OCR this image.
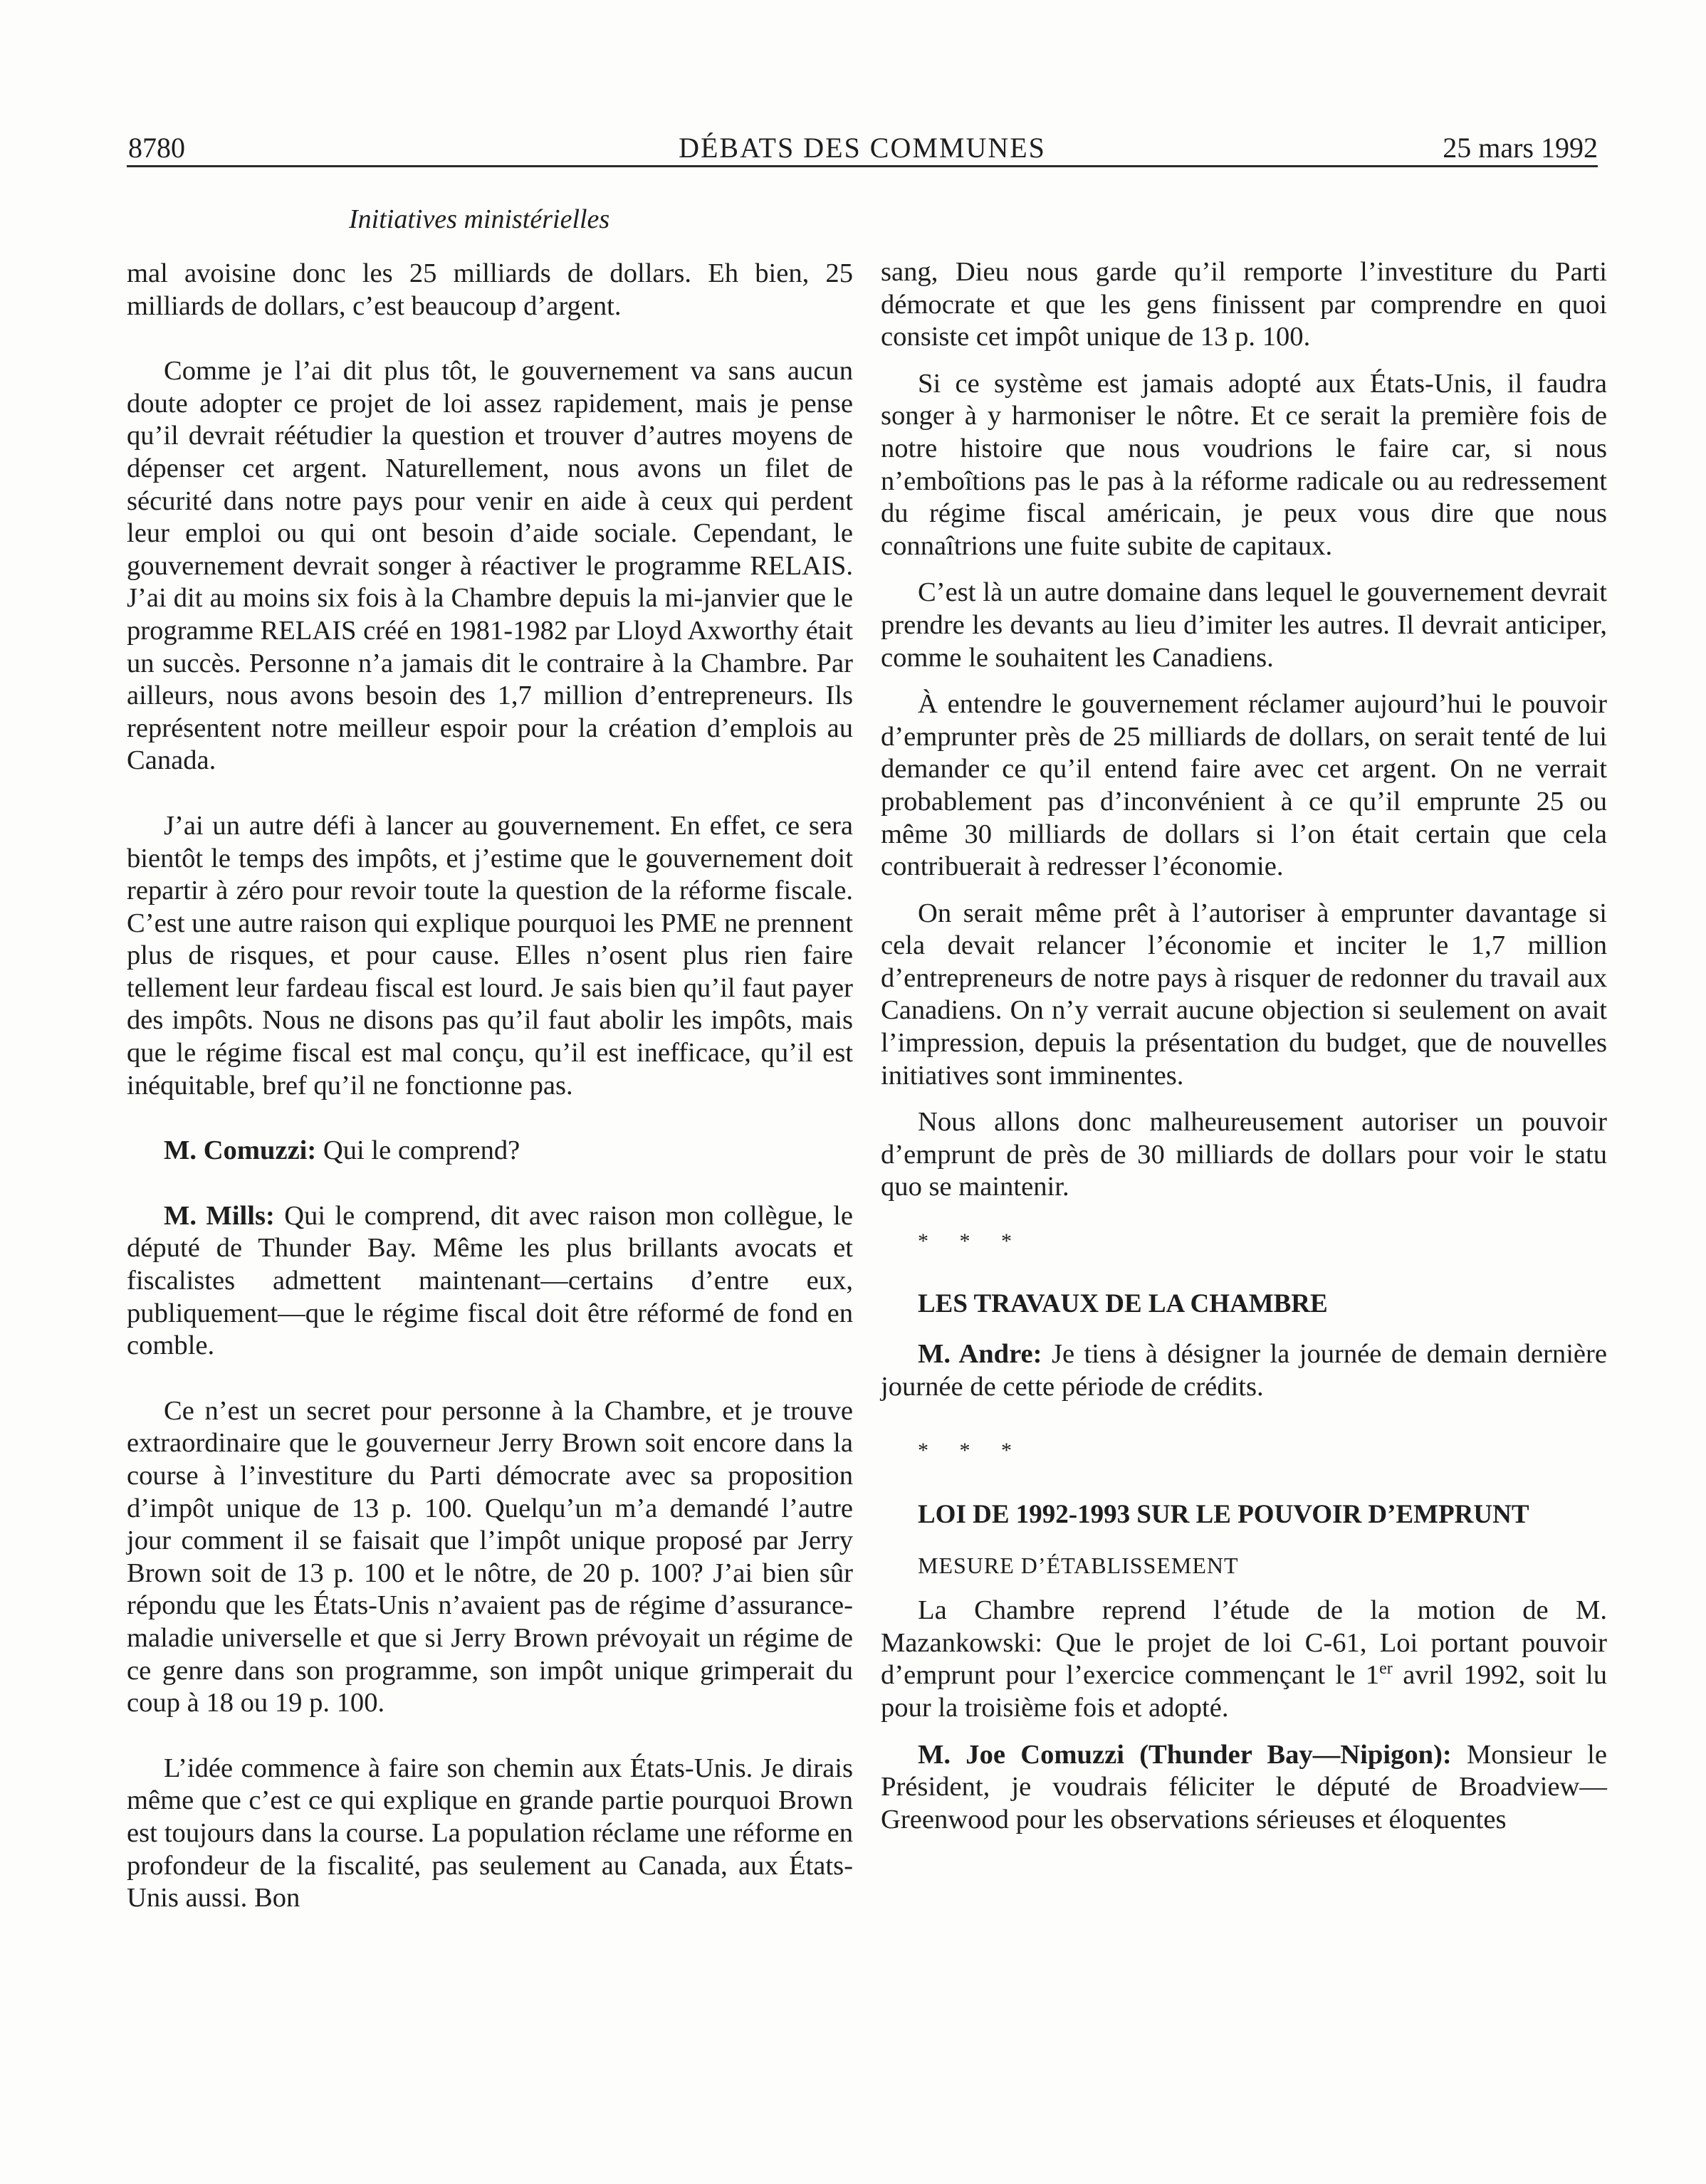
8780	DÉBATS DES COMMUNES	25 mars 1992
Initiatives ministérielles

mal avoisine donc les 25 milliards de dollars. Eh bien, 25 milliards de dollars, c’est beaucoup d’argent.

Comme je l’ai dit plus tôt, le gouvernement va sans aucun doute adopter ce projet de loi assez rapidement, mais je pense qu’il devrait réétudier la question et trouver d’autres moyens de dépenser cet argent. Naturellement, nous avons un filet de sécurité dans notre pays pour venir en aide à ceux qui perdent leur emploi ou qui ont besoin d’aide sociale. Cependant, le gouvernement devrait songer à réactiver le programme RELAIS. J’ai dit au moins six fois à la Chambre depuis la mi-janvier que le programme RELAIS créé en 1981-1982 par Lloyd Axworthy était un succès. Personne n’a jamais dit le contraire à la Chambre. Par ailleurs, nous avons besoin des 1,7 million d’entrepreneurs. Ils représentent notre meilleur espoir pour la création d’emplois au Canada.

J’ai un autre défi à lancer au gouvernement. En effet, ce sera bientôt le temps des impôts, et j’estime que le gouvernement doit repartir à zéro pour revoir toute la question de la réforme fiscale. C’est une autre raison qui explique pourquoi les PME ne prennent plus de risques, et pour cause. Elles n’osent plus rien faire tellement leur fardeau fiscal est lourd. Je sais bien qu’il faut payer des impôts. Nous ne disons pas qu’il faut abolir les impôts, mais que le régime fiscal est mal conçu, qu’il est inefficace, qu’il est inéquitable, bref qu’il ne fonctionne pas.

M. Comuzzi: Qui le comprend?

M. Mills: Qui le comprend, dit avec raison mon collègue, le député de Thunder Bay. Même les plus brillants avocats et fiscalistes admettent maintenant—certains d’entre eux, publiquement—que le régime fiscal doit être réformé de fond en comble.

Ce n’est un secret pour personne à la Chambre, et je trouve extraordinaire que le gouverneur Jerry Brown soit encore dans la course à l’investiture du Parti démocrate avec sa proposition d’impôt unique de 13 p. 100. Quelqu’un m’a demandé l’autre jour comment il se faisait que l’impôt unique proposé par Jerry Brown soit de 13 p. 100 et le nôtre, de 20 p. 100? J’ai bien sûr répondu que les États-Unis n’avaient pas de régime d’assurance-maladie universelle et que si Jerry Brown prévoyait un régime de ce genre dans son programme, son impôt unique grimperait du coup à 18 ou 19 p. 100.

L’idée commence à faire son chemin aux États-Unis. Je dirais même que c’est ce qui explique en grande partie pourquoi Brown est toujours dans la course. La population réclame une réforme en profondeur de la fiscalité, pas seulement au Canada, aux États-Unis aussi. Bon

sang, Dieu nous garde qu’il remporte l’investiture du Parti démocrate et que les gens finissent par comprendre en quoi consiste cet impôt unique de 13 p. 100.

Si ce système est jamais adopté aux États-Unis, il faudra songer à y harmoniser le nôtre. Et ce serait la première fois de notre histoire que nous voudrions le faire car, si nous n’emboîtions pas le pas à la réforme radicale ou au redressement du régime fiscal américain, je peux vous dire que nous connaîtrions une fuite subite de capitaux.

C’est là un autre domaine dans lequel le gouvernement devrait prendre les devants au lieu d’imiter les autres. Il devrait anticiper, comme le souhaitent les Canadiens.

À entendre le gouvernement réclamer aujourd’hui le pouvoir d’emprunter près de 25 milliards de dollars, on serait tenté de lui demander ce qu’il entend faire avec cet argent. On ne verrait probablement pas d’inconvénient à ce qu’il emprunte 25 ou même 30 milliards de dollars si l’on était certain que cela contribuerait à redresser l’économie.

On serait même prêt à l’autoriser à emprunter davantage si cela devait relancer l’économie et inciter le 1,7 million d’entrepreneurs de notre pays à risquer de redonner du travail aux Canadiens. On n’y verrait aucune objection si seulement on avait l’impression, depuis la présentation du budget, que de nouvelles initiatives sont imminentes.

Nous allons donc malheureusement autoriser un pouvoir d’emprunt de près de 30 milliards de dollars pour voir le statu quo se maintenir.

* * *

LES TRAVAUX DE LA CHAMBRE

M. Andre: Je tiens à désigner la journée de demain dernière journée de cette période de crédits.

* * *

LOI DE 1992-1993 SUR LE POUVOIR D’EMPRUNT

MESURE D’ÉTABLISSEMENT

La Chambre reprend l’étude de la motion de M. Mazankowski: Que le projet de loi C-61, Loi portant pouvoir d’emprunt pour l’exercice commençant le 1er avril 1992, soit lu pour la troisième fois et adopté.

M. Joe Comuzzi (Thunder Bay—Nipigon): Monsieur le Président, je voudrais féliciter le député de Broadview—Greenwood pour les observations sérieuses et éloquentes
